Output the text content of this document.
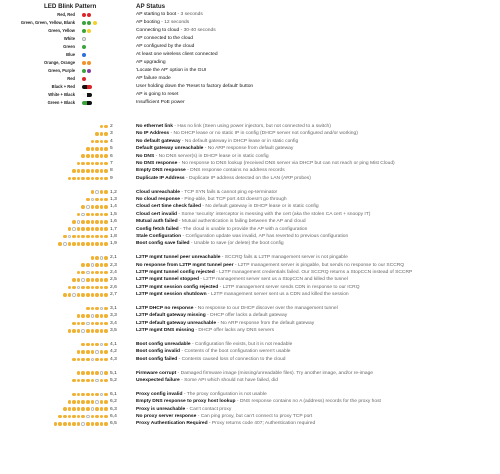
LED Blink Pattern	AP Status
Red, Red	AP starting to boot - 3 seconds
Green, Green, Yellow, Blank	AP booting - 12 seconds
Green, Yellow	Connecting to cloud - 30-40 seconds
White	AP connected to the cloud
Green	AP configured by the cloud
Blue	At least one wireless client connected
Orange, Orange	AP upgrading
Green, Purple	'Locate the AP' option in the GUI
Red	AP failure mode
Black + Red	User holding down the 'Reset to factory default' button
White + Black	AP is going to reset
Green + Black	Insufficient PoE power
2	No ethernet link - Has no link (Seen using power injectors, but not connected to a switch)
3	No IP Address - No DHCP lease or no static IP in config (DHCP server not configured and/or working)
4	No default gateway - No default gateway in DHCP lease or in static config
5	Default gateway unreachable - No ARP response from default gateway
6	No DNS - No DNS server(s) in DHCP lease or in static config
7	No DNS response - No response to DNS lookup (received DNS server via DHCP but can not reach or ping Mist Cloud)
8	Empty DNS response - DNS response contains no address records
9	Duplicate IP Address - Duplicate IP address detected on the LAN (ARP probes)
1,2	Cloud unreachable - TCP SYN fails & cannot ping ep-terminator
1,3	No cloud response - Ping-able, but TCP port 443 doesn't go through
1,4	Cloud cert time check failed - No default gateway in DHCP lease or in static config
1,5	Cloud cert invalid - Some 'security' interceptor is messing with the cert (aka the stolen CA cert + snoopy IT)
1,6	Mutual auth failed - Mutual authentication is failing between the AP and cloud
1,7	Config fetch failed - The cloud is unable to provide the AP with a configuration
1,8	Stale Configuration - Configuration update was invalid, AP has reverted to previous configuration
1,9	Boot config save failed - Unable to save (or delete) the boot config
2,1	L2TP mgmt tunnel peer unreachable - SCCRQ fails & L2TP management server is not pingable
2,3	No response from L2TP mgmt tunnel peer - L2TP management server is pingable, but sends no response to our SCCRQ
2,4	L2TP mgmt tunnel config rejected - L2TP management credentials failed. Our SCCRQ returns a StopCCN instead of SCCRP
2,5	L2TP mgmt tunnel stopped - L2TP management server sent us a StopCCN and killed the tunnel
2,6	L2TP mgmt session config rejected - L2TP management server sends CDN in response to our ICRQ
2,7	L2TP mgmt session shutdown - L2TP management server sent us a CDN and killed the session
3,1	L2TP DHCP no response - No response to our DHCP discover over the management tunnel
3,3	L2TP default gateway missing - DHCP offer lacks a default gateway
3,4	L2TP default gateway unreachable - No ARP response from the default gateway
3,5	L2TP mgmt DNS missing - DHCP offer lacks any DNS servers
4,1	Boot config unreadable - Configuration file exists, but it is not readable
4,2	Boot config invalid - Contents of the boot configuration weren't usable
4,3	Boot config failed - Contents caused loss of connection to the cloud
5,1	Firmware corrupt - Damaged firmware image (missing/unreadable files). Try another image, and/or re-image
5,2	Unexpected failure - Some API which should not have failed, did
6,1	Proxy config invalid - The proxy configuration is not usable
6,2	Empty DNS response to proxy host lookup - DNS response contains no A (address) records for the proxy host
6,3	Proxy is unreachable - Can't contact proxy
6,4	No proxy server response - Can ping proxy, but can't connect to proxy TCP port
6,5	Proxy Authentication Required - Proxy returns code 407; Authentication required
